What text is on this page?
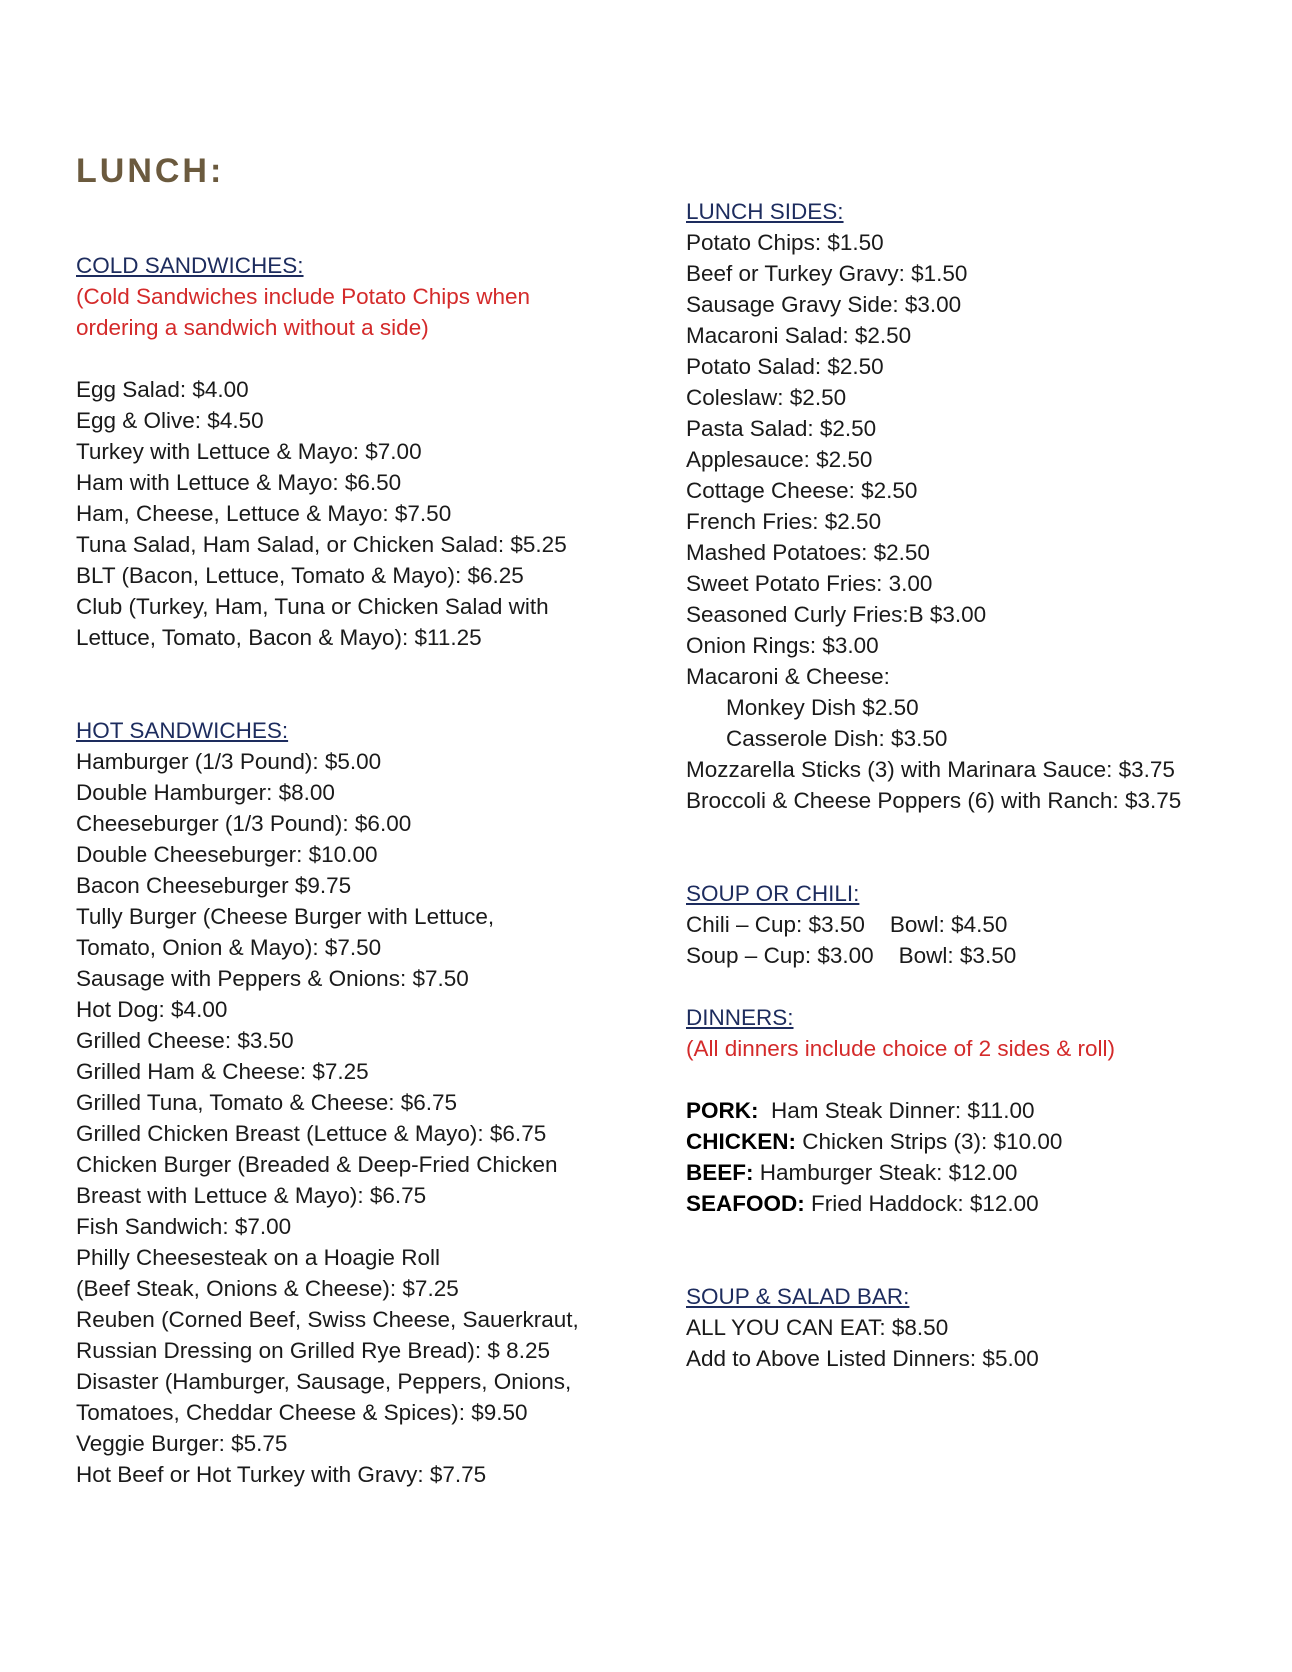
LUNCH:
COLD SANDWICHES:
(Cold Sandwiches include Potato Chips when
ordering a sandwich without a side)
Egg Salad: $4.00
Egg & Olive: $4.50
Turkey with Lettuce & Mayo: $7.00
Ham with Lettuce & Mayo: $6.50
Ham, Cheese, Lettuce & Mayo: $7.50
Tuna Salad, Ham Salad, or Chicken Salad: $5.25
BLT (Bacon, Lettuce, Tomato & Mayo): $6.25
Club (Turkey, Ham, Tuna or Chicken Salad with
Lettuce, Tomato, Bacon & Mayo): $11.25
HOT SANDWICHES:
Hamburger (1/3 Pound): $5.00
Double Hamburger: $8.00
Cheeseburger (1/3 Pound): $6.00
Double Cheeseburger: $10.00
Bacon Cheeseburger $9.75
Tully Burger (Cheese Burger with Lettuce,
Tomato, Onion & Mayo): $7.50
Sausage with Peppers & Onions: $7.50
Hot Dog: $4.00
Grilled Cheese: $3.50
Grilled Ham & Cheese: $7.25
Grilled Tuna, Tomato & Cheese: $6.75
Grilled Chicken Breast (Lettuce & Mayo): $6.75
Chicken Burger (Breaded & Deep-Fried Chicken
Breast with Lettuce & Mayo): $6.75
Fish Sandwich: $7.00
Philly Cheesesteak on a Hoagie Roll
(Beef Steak, Onions & Cheese): $7.25
Reuben (Corned Beef, Swiss Cheese, Sauerkraut,
Russian Dressing on Grilled Rye Bread): $ 8.25
Disaster (Hamburger, Sausage, Peppers, Onions,
Tomatoes, Cheddar Cheese & Spices): $9.50
Veggie Burger: $5.75
Hot Beef or Hot Turkey with Gravy: $7.75
LUNCH SIDES:
Potato Chips: $1.50
Beef or Turkey Gravy: $1.50
Sausage Gravy Side: $3.00
Macaroni Salad: $2.50
Potato Salad: $2.50
Coleslaw: $2.50
Pasta Salad: $2.50
Applesauce: $2.50
Cottage Cheese: $2.50
French Fries: $2.50
Mashed Potatoes: $2.50
Sweet Potato Fries: 3.00
Seasoned Curly Fries:B $3.00
Onion Rings: $3.00
Macaroni & Cheese:
Monkey Dish $2.50
Casserole Dish: $3.50
Mozzarella Sticks (3) with Marinara Sauce: $3.75
Broccoli & Cheese Poppers (6) with Ranch: $3.75
SOUP OR CHILI:
Chili – Cup: $3.50    Bowl: $4.50
Soup – Cup: $3.00    Bowl: $3.50
DINNERS:
(All dinners include choice of 2 sides & roll)
PORK:  Ham Steak Dinner: $11.00
CHICKEN: Chicken Strips (3): $10.00
BEEF: Hamburger Steak: $12.00
SEAFOOD: Fried Haddock: $12.00
SOUP & SALAD BAR:
ALL YOU CAN EAT: $8.50
Add to Above Listed Dinners: $5.00
